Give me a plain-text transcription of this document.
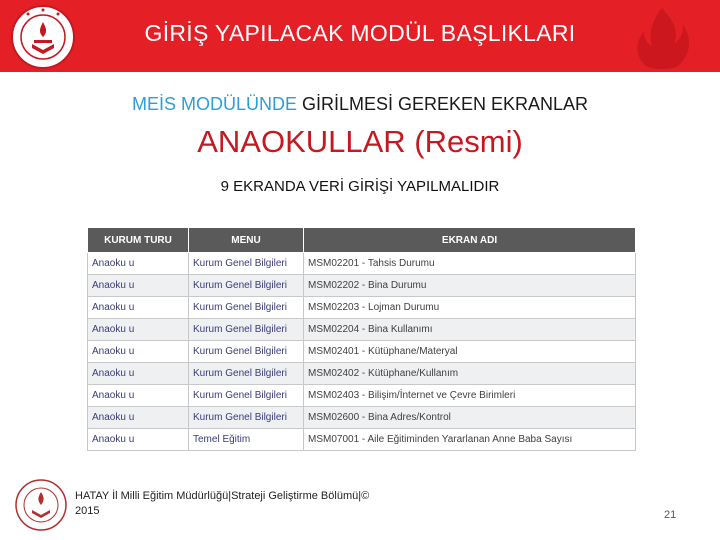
GİRİŞ YAPILACAK MODÜL BAŞLIKLARI
MEİS MODÜLÜNDE GİRİLMESİ GEREKEN EKRANLAR
ANAOKULLAR (Resmi)
9 EKRANDA VERİ GİRİŞİ YAPILMALIDIR
KURUM TURU	MENU	EKRAN ADI
Anaoku u	Kurum Genel Bilgileri	MSM02201 - Tahsis Durumu
Anaoku u	Kurum Genel Bilgileri	MSM02202 - Bina Durumu
Anaoku u	Kurum Genel Bilgileri	MSM02203 - Lojman Durumu
Anaoku u	Kurum Genel Bilgileri	MSM02204 - Bina Kullanımı
Anaoku u	Kurum Genel Bilgileri	MSM02401 - Kütüphane/Materyal
Anaoku u	Kurum Genel Bilgileri	MSM02402 - Kütüphane/Kullanım
Anaoku u	Kurum Genel Bilgileri	MSM02403 - Bilişim/İnternet ve Çevre Birimleri
Anaoku u	Kurum Genel Bilgileri	MSM02600 - Bina Adres/Kontrol
Anaoku u	Temel Eğitim	MSM07001 - Aile Eğitiminden Yararlanan Anne Baba Sayısı
HATAY İl Milli Eğitim Müdürlüğü|Strateji Geliştirme Bölümü|©
2015	21
